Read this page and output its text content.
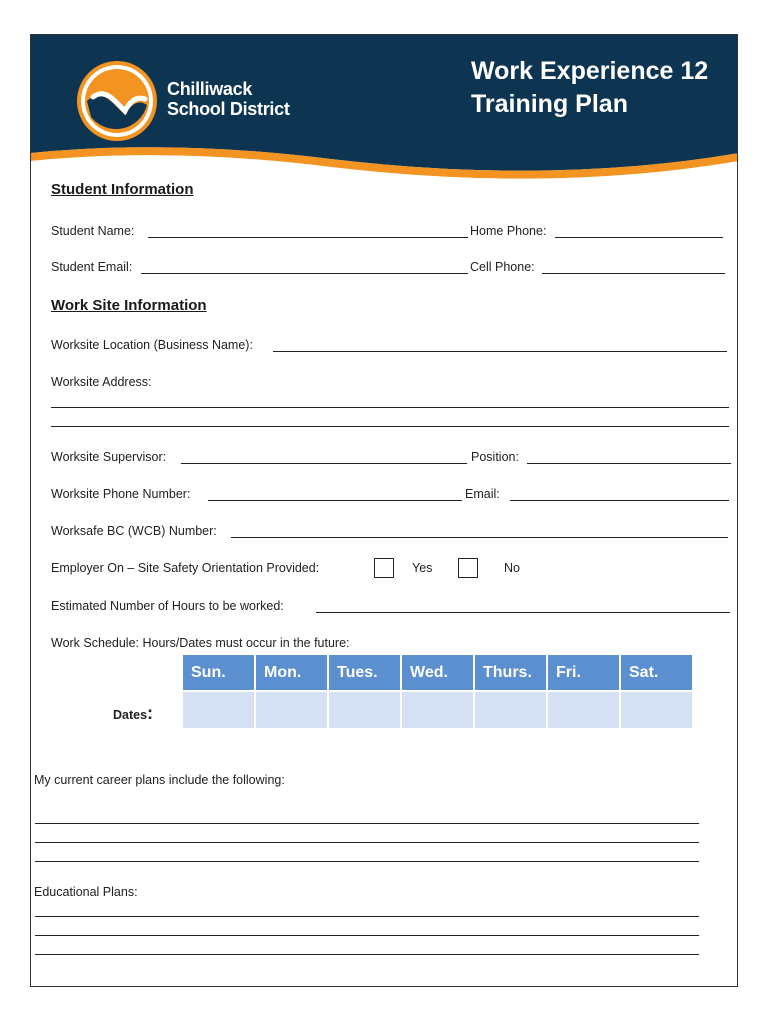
Chilliwack
School District
Work Experience 12
Training Plan
Student Information
Student Name:	Home Phone:
Student Email:	Cell Phone:
Work Site Information
Worksite Location (Business Name):
Worksite Address:
Worksite Supervisor:	Position:
Worksite Phone Number:	Email:
Worksafe BC (WCB) Number:
Employer On – Site Safety Orientation Provided:	Yes	No
Estimated Number of Hours to be worked:
Work Schedule: Hours/Dates must occur in the future:
Sun.	Mon.	Tues.	Wed.	Thurs.	Fri.	Sat.

Dates:
My current career plans include the following:
Educational Plans:
